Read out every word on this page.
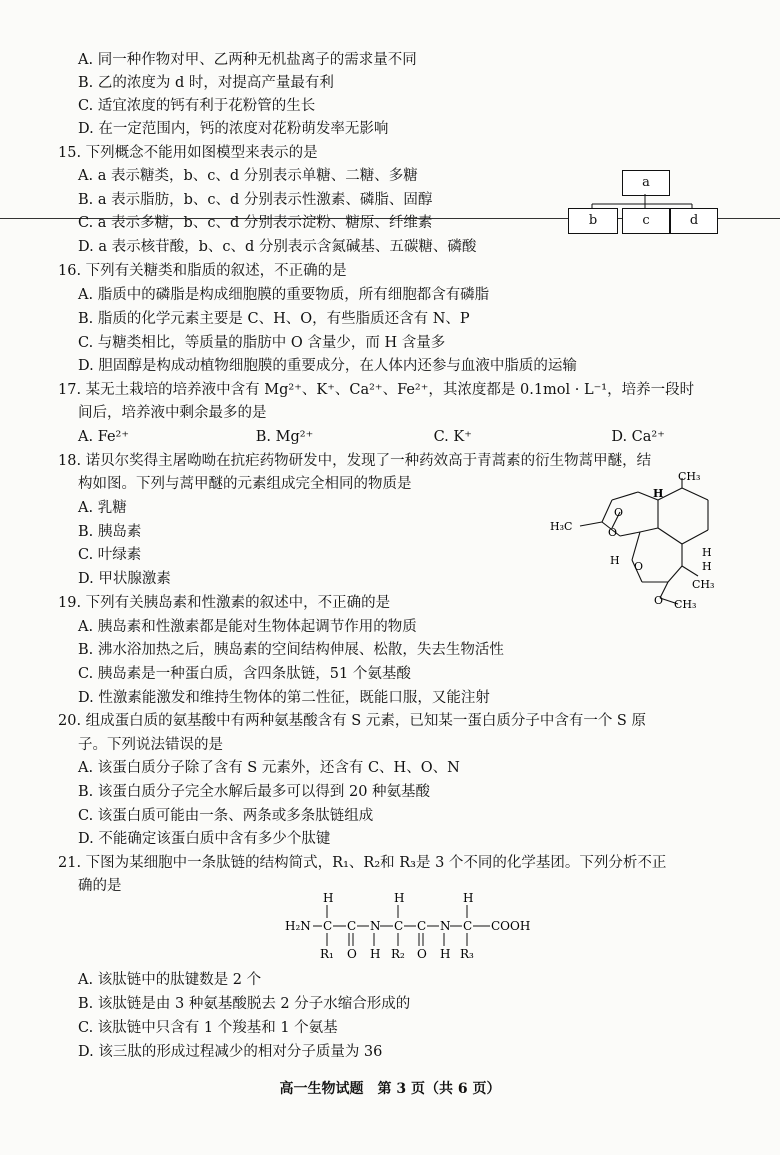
A. 同一种作物对甲、乙两种无机盐离子的需求量不同
B. 乙的浓度为 d 时，对提高产量最有利
C. 适宜浓度的钙有利于花粉管的生长
D. 在一定范围内，钙的浓度对花粉萌发率无影响
15. 下列概念不能用如图模型来表示的是
A. a 表示糖类，b、c、d 分别表示单糖、二糖、多糖
B. a 表示脂肪，b、c、d 分别表示性激素、磷脂、固醇
C. a 表示多糖，b、c、d 分别表示淀粉、糖原、纤维素
D. a 表示核苷酸，b、c、d 分别表示含氮碱基、五碳糖、磷酸
a
b	c	d
16. 下列有关糖类和脂质的叙述，不正确的是
A. 脂质中的磷脂是构成细胞膜的重要物质，所有细胞都含有磷脂
B. 脂质的化学元素主要是 C、H、O，有些脂质还含有 N、P
C. 与糖类相比，等质量的脂肪中 O 含量少，而 H 含量多
D. 胆固醇是构成动植物细胞膜的重要成分，在人体内还参与血液中脂质的运输
17. 某无土栽培的培养液中含有 Mg²⁺、K⁺、Ca²⁺、Fe²⁺，其浓度都是 0.1mol · L⁻¹，培养一段时
间后，培养液中剩余最多的是
A. Fe²⁺	B. Mg²⁺	C. K⁺	D. Ca²⁺
18. 诺贝尔奖得主屠呦呦在抗疟药物研发中，发现了一种药效高于青蒿素的衍生物蒿甲醚，结
构如图。下列与蒿甲醚的元素组成完全相同的物质是
A. 乳糖
B. 胰岛素
C. 叶绿素
D. 甲状腺激素
CH₃
H₃C
H
O
O
H O
H
H
CH₃
O CH₃
19. 下列有关胰岛素和性激素的叙述中，不正确的是
A. 胰岛素和性激素都是能对生物体起调节作用的物质
B. 沸水浴加热之后，胰岛素的空间结构伸展、松散，失去生物活性
C. 胰岛素是一种蛋白质，含四条肽链，51 个氨基酸
D. 性激素能激发和维持生物体的第二性征，既能口服，又能注射
20. 组成蛋白质的氨基酸中有两种氨基酸含有 S 元素，已知某一蛋白质分子中含有一个 S 原
子。下列说法错误的是
A. 该蛋白质分子除了含有 S 元素外，还含有 C、H、O、N
B. 该蛋白质分子完全水解后最多可以得到 20 种氨基酸
C. 该蛋白质可能由一条、两条或多条肽链组成
D. 不能确定该蛋白质中含有多少个肽键
21. 下图为某细胞中一条肽链的结构简式，R₁、R₂和 R₃是 3 个不同的化学基团。下列分析不正
确的是
H	H	H
H₂N C C N C C N C COOH
R₁ O H R₂ O H R₃
A. 该肽链中的肽键数是 2 个
B. 该肽链是由 3 种氨基酸脱去 2 分子水缩合形成的
C. 该肽链中只含有 1 个羧基和 1 个氨基
D. 该三肽的形成过程减少的相对分子质量为 36
高一生物试题　第 3 页（共 6 页）
